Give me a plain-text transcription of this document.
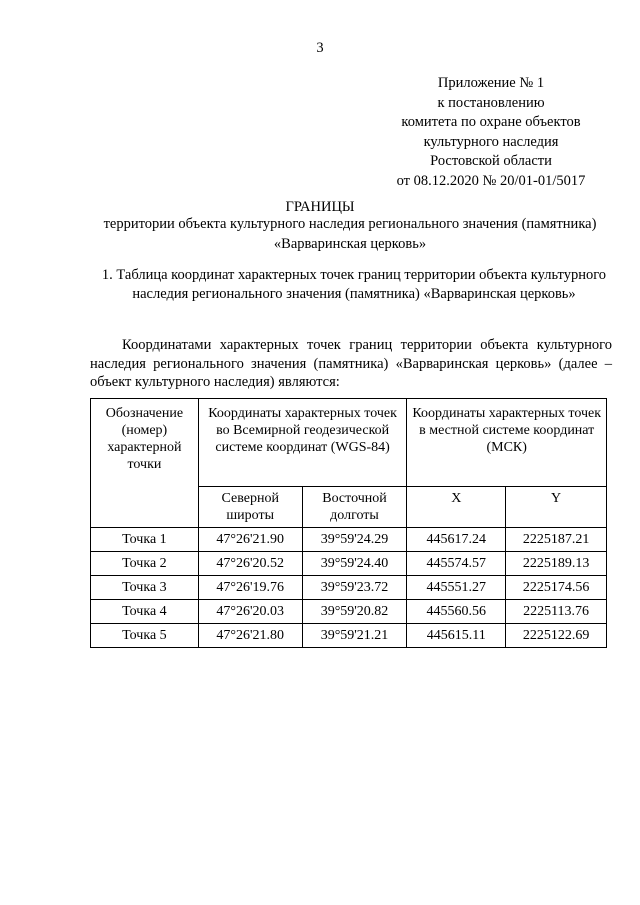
3
Приложение № 1
к постановлению
комитета по охране объектов
культурного наследия
Ростовской области
от 08.12.2020 № 20/01-01/5017
ГРАНИЦЫ
территории объекта культурного наследия регионального значения (памятника)
«Варваринская церковь»
1. Таблица координат характерных точек границ территории объекта культурного наследия регионального значения (памятника) «Варваринская церковь»
Координатами характерных точек границ территории объекта культурного наследия регионального значения (памятника) «Варваринская церковь» (далее – объект культурного наследия) являются:
Обозначение (номер) характерной точки	Координаты характерных точек во Всемирной геодезической системе координат (WGS-84)		Координаты характерных точек в местной системе координат (МСК)	
	Северной широты	Восточной долготы	X	Y
Точка 1	47°26'21.90	39°59'24.29	445617.24	2225187.21
Точка 2	47°26'20.52	39°59'24.40	445574.57	2225189.13
Точка 3	47°26'19.76	39°59'23.72	445551.27	2225174.56
Точка 4	47°26'20.03	39°59'20.82	445560.56	2225113.76
Точка 5	47°26'21.80	39°59'21.21	445615.11	2225122.69
